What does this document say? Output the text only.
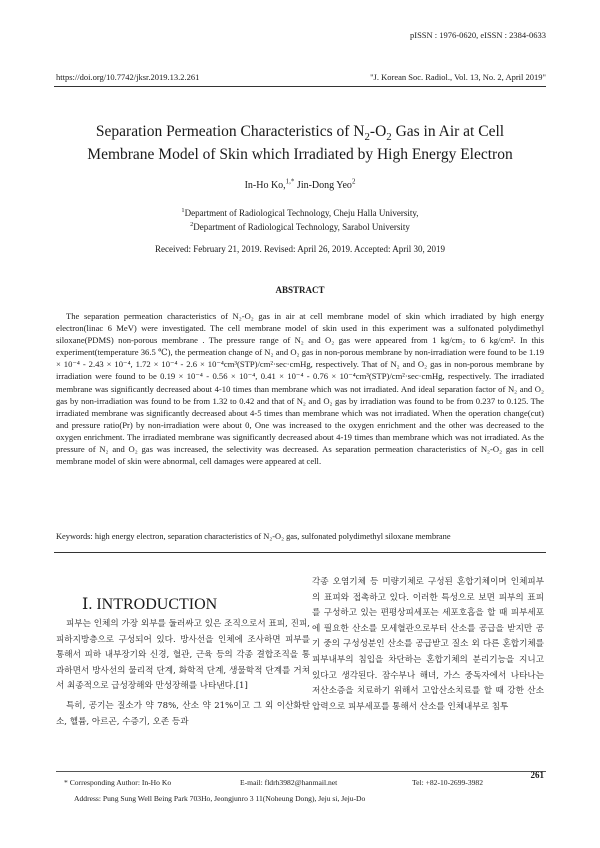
pISSN : 1976-0620, eISSN : 2384-0633
https://doi.org/10.7742/jksr.2019.13.2.261	"J. Korean Soc. Radiol., Vol. 13, No. 2, April 2019"
Separation Permeation Characteristics of $N_2-O_2$ Gas in Air at Cell
Membrane Model of Skin which Irradiated by High Energy Electron
In-Ho Ko,$^{1,*}$ Jin-Dong Yeo$^2$
$^1$Department of Radiological Technology, Cheju Halla University,
$^2$Department of Radiological Technology, Sarabol University
Received: February 21, 2019. Revised: April 26, 2019. Accepted: April 30, 2019
ABSTRACT
The separation permeation characteristics of N₂-O₂ gas in air at cell membrane model of skin which irradiated by high energy electron(linac 6 MeV) were investigated. The cell membrane model of skin used in this experiment was a sulfonated polydimethyl siloxane(PDMS) non-porous membrane . The pressure range of N₂ and O₂ gas were appeared from 1 kg/cm₂ to 6 kg/cm². In this experiment(temperature 36.5 ℃), the permeation change of N₂ and O₂ gas in non-porous membrane by non-irradiation were found to be 1.19 × 10⁻⁴ - 2.43 × 10⁻⁴, 1.72 × 10⁻⁴ - 2.6 × 10⁻⁴cm³(STP)/cm²·sec·cmHg, respectively. That of N₂ and O₂ gas in non-porous membrane by irradiation were found to be 0.19 × 10⁻⁴ - 0.56 × 10⁻⁴, 0.41 × 10⁻⁴ - 0.76 × 10⁻⁴cm³(STP)/cm²·sec·cmHg, respectively. The irradiated membrane was significantly decreased about 4-10 times than membrane which was not irradiated. And ideal separation factor of N₂ and O₂ gas by non-irradiation was found to be from 1.32 to 0.42 and that of N₂ and O₂ gas by irradiation was found to be from 0.237 to 0.125. The irradiated membrane was significantly decreased about 4-5 times than membrane which was not irradiated. When the operation change(cut) and pressure ratio(Pr) by non-irradiation were about 0, One was increased to the oxygen enrichment and the other was decreased to the oxygen enrichment. The irradiated membrane was significantly decreased about 4-19 times than membrane which was not irradiated. As the pressure of N₂ and O₂ gas was increased, the selectivity was decreased. As separation permeation characteristics of N₂-O₂ gas in cell membrane model of skin were abnormal, cell damages were appeared at cell.
Keywords: high energy electron, separation characteristics of N₂-O₂ gas, sulfonated polydimethyl siloxane membrane
Ⅰ. INTRODUCTION

피부는 인체의 가장 외부를 둘러싸고 있은 조직으로서 표피, 진피, 피하지방층으로 구성되어 있다. 방사선을 인체에 조사하면 피부를 통해서 피하 내부장기와 신경, 혈관, 근육 등의 각종 결합조직을 통과하면서 방사선의 물리적 단계, 화학적 단계, 생물학적 단계를 거쳐서 최종적으로 급성장해와 만성장해를 나타낸다.[1]

특히, 공기는 질소가 약 78%, 산소 약 21%이고 그 외 이산화탄소, 헬륨, 아르곤, 수증기, 오존 등과

각종 오염기체 등 미량기체로 구성된 혼합기체이며 인체피부의 표피와 접촉하고 있다. 이러한 특성으로 보면 피부의 표피를 구성하고 있는 편평상피세포는 세포호흡을 할 때 피부세포에 필요한 산소를 모세혈관으로부터 산소를 공급을 받지만 공기 중의 구성성분인 산소를 공급받고 질소 외 다른 혼합기체를 피부내부의 침입을 차단하는 혼합기체의 분리기능을 지니고 있다고 생각된다. 잠수부나 해녀, 가스 중독자에서 나타나는 저산소증을 치료하기 위해서 고압산소치료를 할 때 강한 산소 압력으로 피부세포를 통해서 산소를 인체내부로 침투

* Corresponding Author: In-Ho Ko	E-mail: fldrh3982@hanmail.net	Tel: +82-10-2699-3982
Address: Pung Sung Well Being Park 703Ho, Jeongjunro 3 11(Noheung Dong), Jeju si, Jeju-Do
261
